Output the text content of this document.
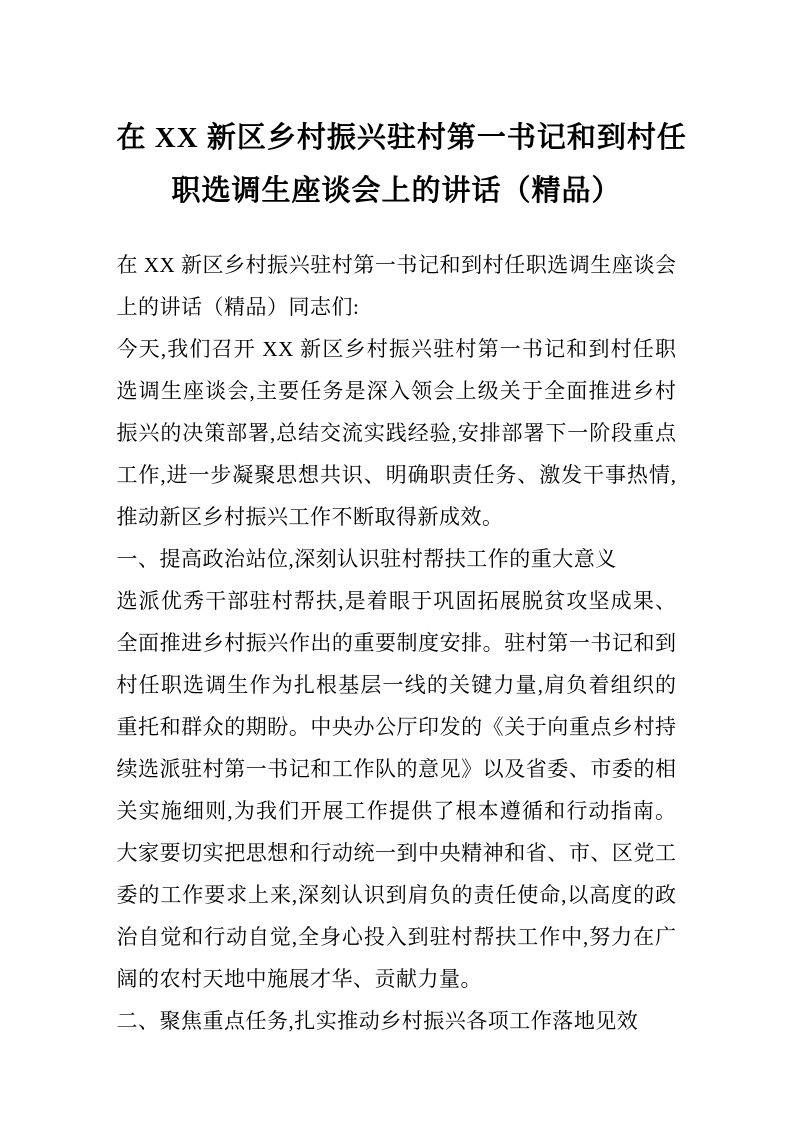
在 XX 新区乡村振兴驻村第一书记和到村任
职选调生座谈会上的讲话（精品）

在 XX 新区乡村振兴驻村第一书记和到村任职选调生座谈会上的讲话（精品）同志们:

今天,我们召开 XX 新区乡村振兴驻村第一书记和到村任职选调生座谈会,主要任务是深入领会上级关于全面推进乡村振兴的决策部署,总结交流实践经验,安排部署下一阶段重点工作,进一步凝聚思想共识、明确职责任务、激发干事热情,推动新区乡村振兴工作不断取得新成效。

一、提高政治站位,深刻认识驻村帮扶工作的重大意义

选派优秀干部驻村帮扶,是着眼于巩固拓展脱贫攻坚成果、全面推进乡村振兴作出的重要制度安排。驻村第一书记和到村任职选调生作为扎根基层一线的关键力量,肩负着组织的重托和群众的期盼。中央办公厅印发的《关于向重点乡村持续选派驻村第一书记和工作队的意见》以及省委、市委的相关实施细则,为我们开展工作提供了根本遵循和行动指南。大家要切实把思想和行动统一到中央精神和省、市、区党工委的工作要求上来,深刻认识到肩负的责任使命,以高度的政治自觉和行动自觉,全身心投入到驻村帮扶工作中,努力在广阔的农村天地中施展才华、贡献力量。

二、聚焦重点任务,扎实推动乡村振兴各项工作落地见效
